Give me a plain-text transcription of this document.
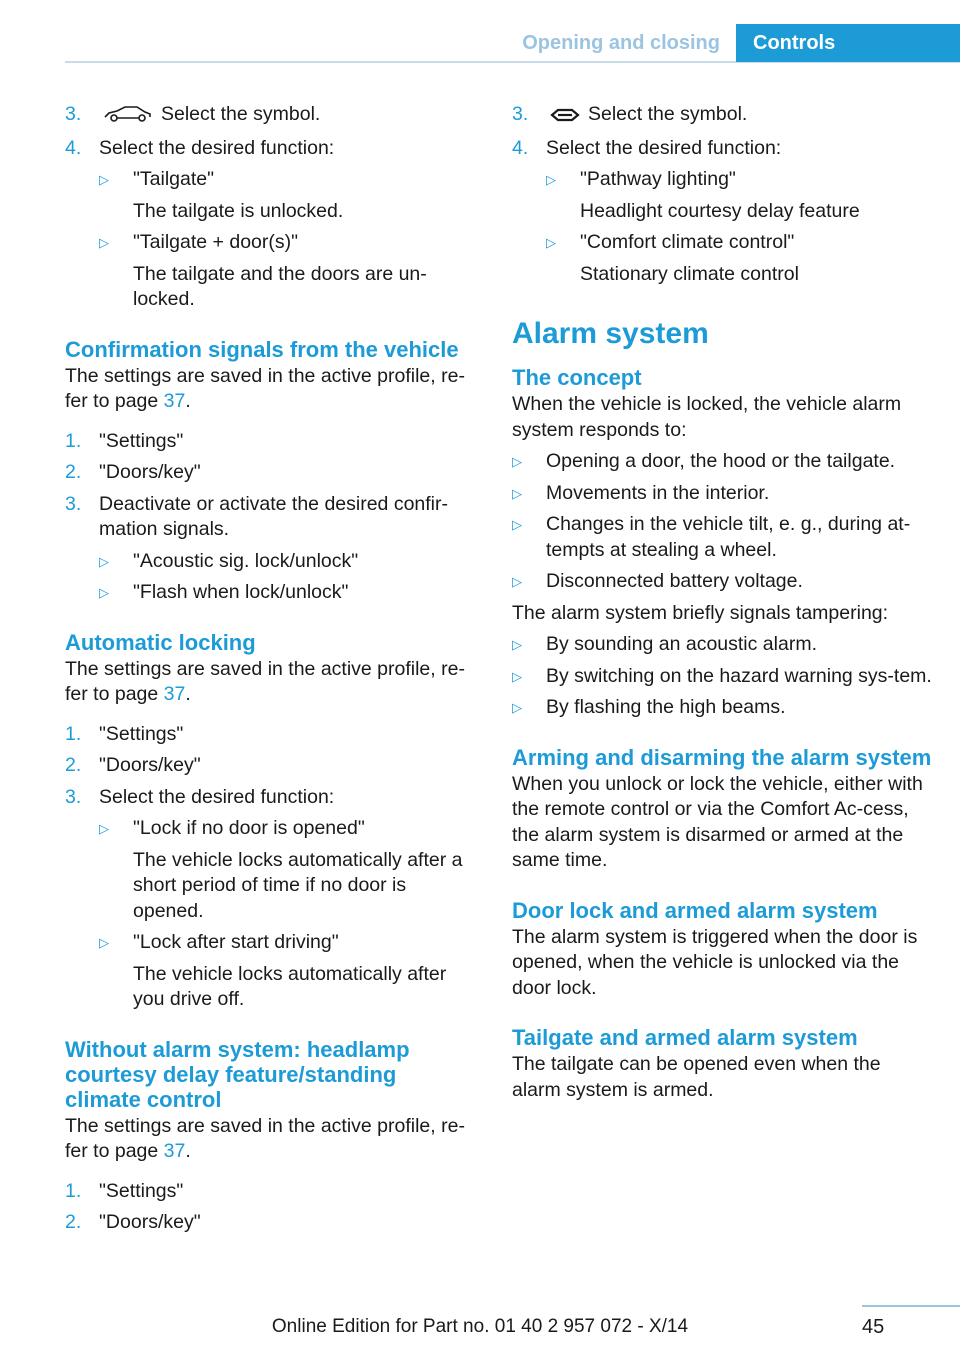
Opening and closing	Controls
3.	Select the symbol.
4. Select the desired function:
▷ "Tailgate"
The tailgate is unlocked.
▷ "Tailgate + door(s)"
The tailgate and the doors are un-locked.
Confirmation signals from the vehicle
The settings are saved in the active profile, re-fer to page 37.
1. "Settings"
2. "Doors/key"
3. Deactivate or activate the desired confir-mation signals.
▷ "Acoustic sig. lock/unlock"
▷ "Flash when lock/unlock"
Automatic locking
The settings are saved in the active profile, re-fer to page 37.
1. "Settings"
2. "Doors/key"
3. Select the desired function:
▷ "Lock if no door is opened"
The vehicle locks automatically after a short period of time if no door is opened.
▷ "Lock after start driving"
The vehicle locks automatically after you drive off.
Without alarm system: headlamp courtesy delay feature/standing climate control
The settings are saved in the active profile, re-fer to page 37.
1. "Settings"
2. "Doors/key"
3.	Select the symbol.
4. Select the desired function:
▷ "Pathway lighting"
Headlight courtesy delay feature
▷ "Comfort climate control"
Stationary climate control
Alarm system
The concept
When the vehicle is locked, the vehicle alarm system responds to:
▷ Opening a door, the hood or the tailgate.
▷ Movements in the interior.
▷ Changes in the vehicle tilt, e. g., during at-tempts at stealing a wheel.
▷ Disconnected battery voltage.
The alarm system briefly signals tampering:
▷ By sounding an acoustic alarm.
▷ By switching on the hazard warning sys-tem.
▷ By flashing the high beams.
Arming and disarming the alarm system
When you unlock or lock the vehicle, either with the remote control or via the Comfort Ac-cess, the alarm system is disarmed or armed at the same time.
Door lock and armed alarm system
The alarm system is triggered when the door is opened, when the vehicle is unlocked via the door lock.
Tailgate and armed alarm system
The tailgate can be opened even when the alarm system is armed.
45
Online Edition for Part no. 01 40 2 957 072 - X/14
